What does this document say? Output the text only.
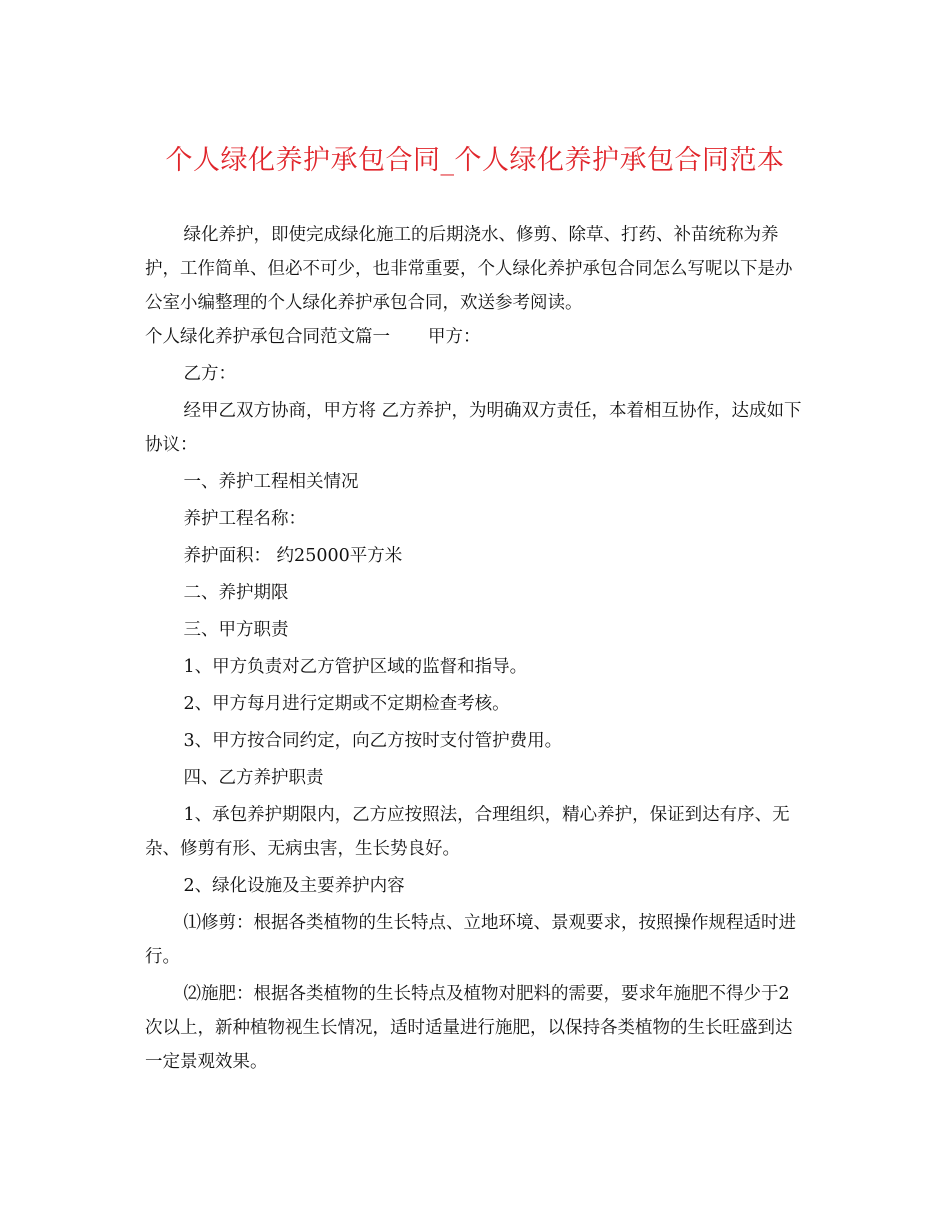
个人绿化养护承包合同_个人绿化养护承包合同范本

绿化养护，即使完成绿化施工的后期浇水、修剪、除草、打药、补苗统称为养护，工作简单、但必不可少，也非常重要，个人绿化养护承包合同怎么写呢以下是办公室小编整理的个人绿化养护承包合同，欢送参考阅读。

个人绿化养护承包合同范文篇一 甲方：

乙方：

经甲乙双方协商，甲方将 乙方养护，为明确双方责任，本着相互协作，达成如下协议：

一、养护工程相关情况

养护工程名称：

养护面积： 约25000平方米

二、养护期限

三、甲方职责

1、甲方负责对乙方管护区域的监督和指导。

2、甲方每月进行定期或不定期检查考核。

3、甲方按合同约定，向乙方按时支付管护费用。

四、乙方养护职责

1、承包养护期限内，乙方应按照法，合理组织，精心养护，保证到达有序、无杂、修剪有形、无病虫害，生长势良好。

2、绿化设施及主要养护内容

⑴修剪：根据各类植物的生长特点、立地环境、景观要求，按照操作规程适时进行。

⑵施肥：根据各类植物的生长特点及植物对肥料的需要，要求年施肥不得少于2次以上，新种植物视生长情况，适时适量进行施肥，以保持各类植物的生长旺盛到达一定景观效果。
